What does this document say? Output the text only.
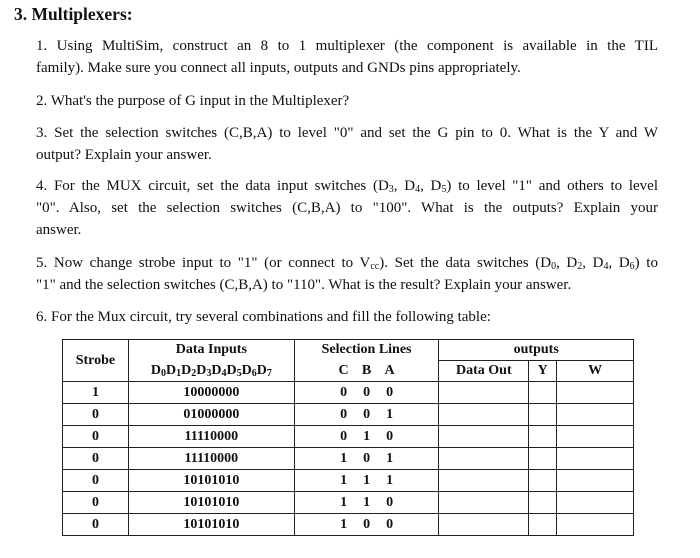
3. Multiplexers:
1. Using MultiSim, construct an 8 to 1 multiplexer (the component is available in the TIL
family). Make sure you connect all inputs, outputs and GNDs pins appropriately.
2. What's the purpose of G input in the Multiplexer?
3. Set the selection switches (C,B,A) to level "0" and set the G pin to 0. What is the Y and W
output? Explain your answer.
4. For the MUX circuit, set the data input switches ($D_3$, $D_4$, $D_5$) to level "1" and others to level
"0". Also, set the selection switches (C,B,A) to "100". What is the outputs? Explain your
answer.
5. Now change strobe input to "1" (or connect to $V_{cc}$). Set the data switches ($D_0$, $D_2$, $D_4$, $D_6$) to
"1" and the selection switches (C,B,A) to "110". What is the result? Explain your answer.
6. For the Mux circuit, try several combinations and fill the following table:
Strobe	Data Inputs	Selection Lines	outputs		
	$D_0D_1D_2D_3D_4D_5D_6D_7$	C B A	Data Out	Y	W
1	10000000	0 0 0			
0	01000000	0 0 1			
0	11110000	0 1 0			
0	11110000	1 0 1			
0	10101010	1 1 1			
0	10101010	1 1 0			
0	10101010	1 0 0			
